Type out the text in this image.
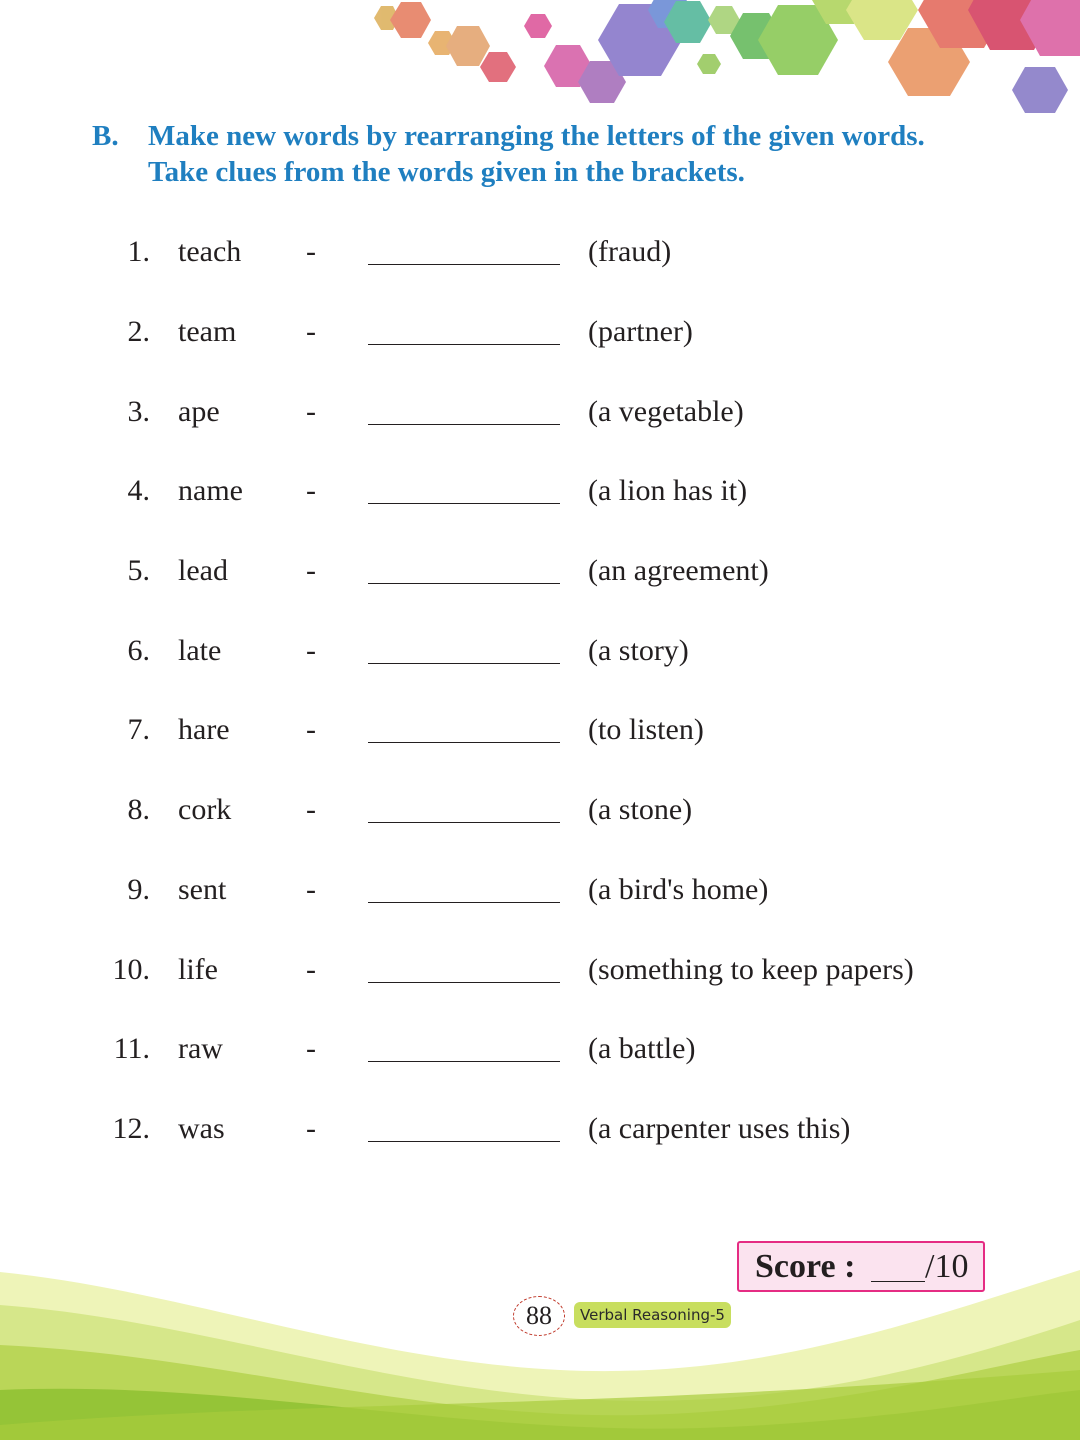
B. Make new words by rearranging the letters of the given words.
Take clues from the words given in the brackets.
1. teach -	(fraud)
2. team -	(partner)
3. ape	-	(a vegetable)
4. name -	(a lion has it)
5. lead	-	(an agreement)
6. late	-	(a story)
7. hare	-	(to listen)
8. cork -	(a stone)
9. sent	-	(a bird's home)
10. life	-	(something to keep papers)
11. raw	-	(a battle)
12. was	-	(a carpenter uses this)
Score : /10
88	Verbal Reasoning-5
